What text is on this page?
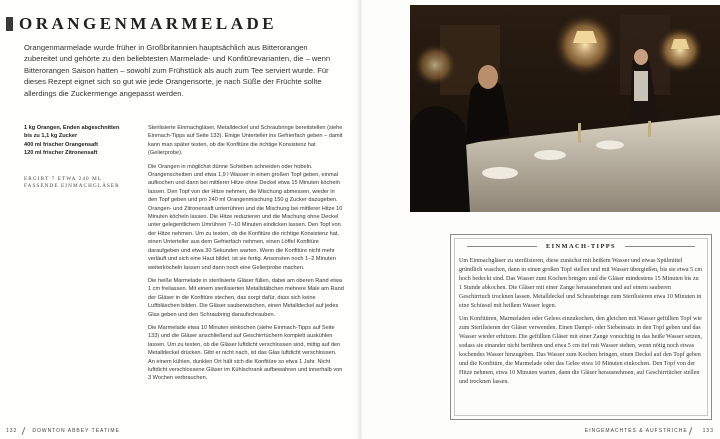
ORANGENMARMELADE

Orangenmarmelade wurde früher in Großbritannien hauptsächlich aus Bitterorangen zubereitet und gehörte zu den beliebtesten Marmelade- und Konfitürevarianten, die – wenn Bitterorangen Saison hatten – sowohl zum Frühstück als auch zum Tee serviert wurde. Für dieses Rezept eignet sich so gut wie jede Orangensorte, je nach Süße der Früchte sollte allerdings die Zuckermenge angepasst werden.

1 kg Orangen, Enden abgeschnitten
bis zu 1,1 kg Zucker
400 ml frischer Orangensaft
120 ml frischer Zitronensaft
ERGIBT 7 ETWA 240 ML FASSENDE EINMACHGLÄSER

Sterilisierte Einmachgläser, Metalldeckel und Schraubringe bereitstellen (siehe Einmach-Tipps auf Seite 133). Einige Unterteller ins Gefrierfach geben – damit kann man später testen, ob die Konfitüre die richtige Konsistenz hat (Gelierprobe).

Die Orangen in möglichst dünne Scheiben schneiden oder hobeln. Orangenscheiben und etwa 1,9 l Wasser in einen großen Topf geben, einmal aufkochen und dann bei mittlerer Hitze ohne Deckel etwa 15 Minuten köcheln lassen. Den Topf von der Hitze nehmen, die Mischung abmessen, wieder in den Topf geben und pro 240 ml Orangenmischung 150 g Zucker dazugeben. Orangen- und Zitronensaft unterrühren und die Mischung bei mittlerer Hitze 10 Minuten köcheln lassen. Die Hitze reduzieren und die Mischung ohne Deckel unter gelegentlichem Umrühren 7–10 Minuten eindicken lassen. Den Topf von der Hitze nehmen. Um zu testen, ob die Konfitüre die richtige Konsistenz hat, einen Unterteller aus dem Gefrierfach nehmen, einen Löffel Konfitüre daraufgeben und etwa 30 Sekunden warten. Wenn die Konfitüre nicht mehr verläuft und sich eine Haut bildet, ist sie fertig. Ansonsten noch 1–2 Minuten weiterköcheln lassen und dann noch eine Gelierprobe machen.

Die heiße Marmelade in sterilisierte Gläser füllen, dabei am oberen Rand etwa 1 cm freilassen. Mit einem sterilisierten Metallstäbchen mehrere Male am Rand der Gläser in die Konfitüre stechen, das sorgt dafür, dass sich keine Luftbläschen bilden. Die Gläser sauberwischen, einen Metalldeckel auf jedes Glas geben und den Schraubring daraufschrauben.

Die Marmelade etwa 10 Minuten einkochen (siehe Einmach-Tipps auf Seite 133) und die Gläser anschließend auf Geschirrtüchern komplett auskühlen lassen. Um zu testen, ob die Gläser luftdicht verschlossen sind, mittig auf den Metalldeckel drücken. Gibt er nicht nach, ist das Glas luftdicht verschlossen. An einem kühlen, dunklen Ort hält sich die Konfitüre so etwa 1 Jahr. Nicht luftdicht verschlossene Gläser im Kühlschrank aufbewahren und innerhalb von 3 Wochen verbrauchen.

132	DOWNTON ABBEY TEATIME
EINMACH-TIPPS

Um Einmachgläser zu sterilisieren, diese zunächst mit heißem Wasser und etwas Spülmittel gründlich waschen, dann in einen großen Topf stellen und mit Wasser übergießen, bis sie etwa 5 cm hoch bedeckt sind. Das Wasser zum Kochen bringen und die Gläser mindestens 15 Minuten bis zu 1 Stunde abkochen. Die Gläser mit einer Zange herausnehmen und auf einem sauberen Geschirrtuch trocknen lassen. Metalldeckel und Schraubringe zum Sterilisieren etwa 10 Minuten in eine Schüssel mit heißem Wasser legen.

Um Konfitüren, Marmeladen oder Gelees einzukochen, den gleichen mit Wasser gefüllten Topf wie zum Sterilisieren der Gläser verwenden. Einen Dampf- oder Siebeinsatz in den Topf geben und das Wasser wieder erhitzen. Die gefüllten Gläser mit einer Zange vorsichtig in das heiße Wasser setzen, sodass sie einander nicht berühren und etwa 5 cm tief mit Wasser stehen, wenn nötig noch etwas kochendes Wasser hinzugeben. Das Wasser zum Kochen bringen, einen Deckel auf den Topf geben und die Konfitüre, die Marmelade oder das Gelee etwa 10 Minuten einkochen. Den Topf von der Hitze nehmen, etwa 10 Minuten warten, dann die Gläser herausnehmen, auf Geschirrtücher stellen und trocknen lassen.

EINGEMACHTES & AUFSTRICHE	133
